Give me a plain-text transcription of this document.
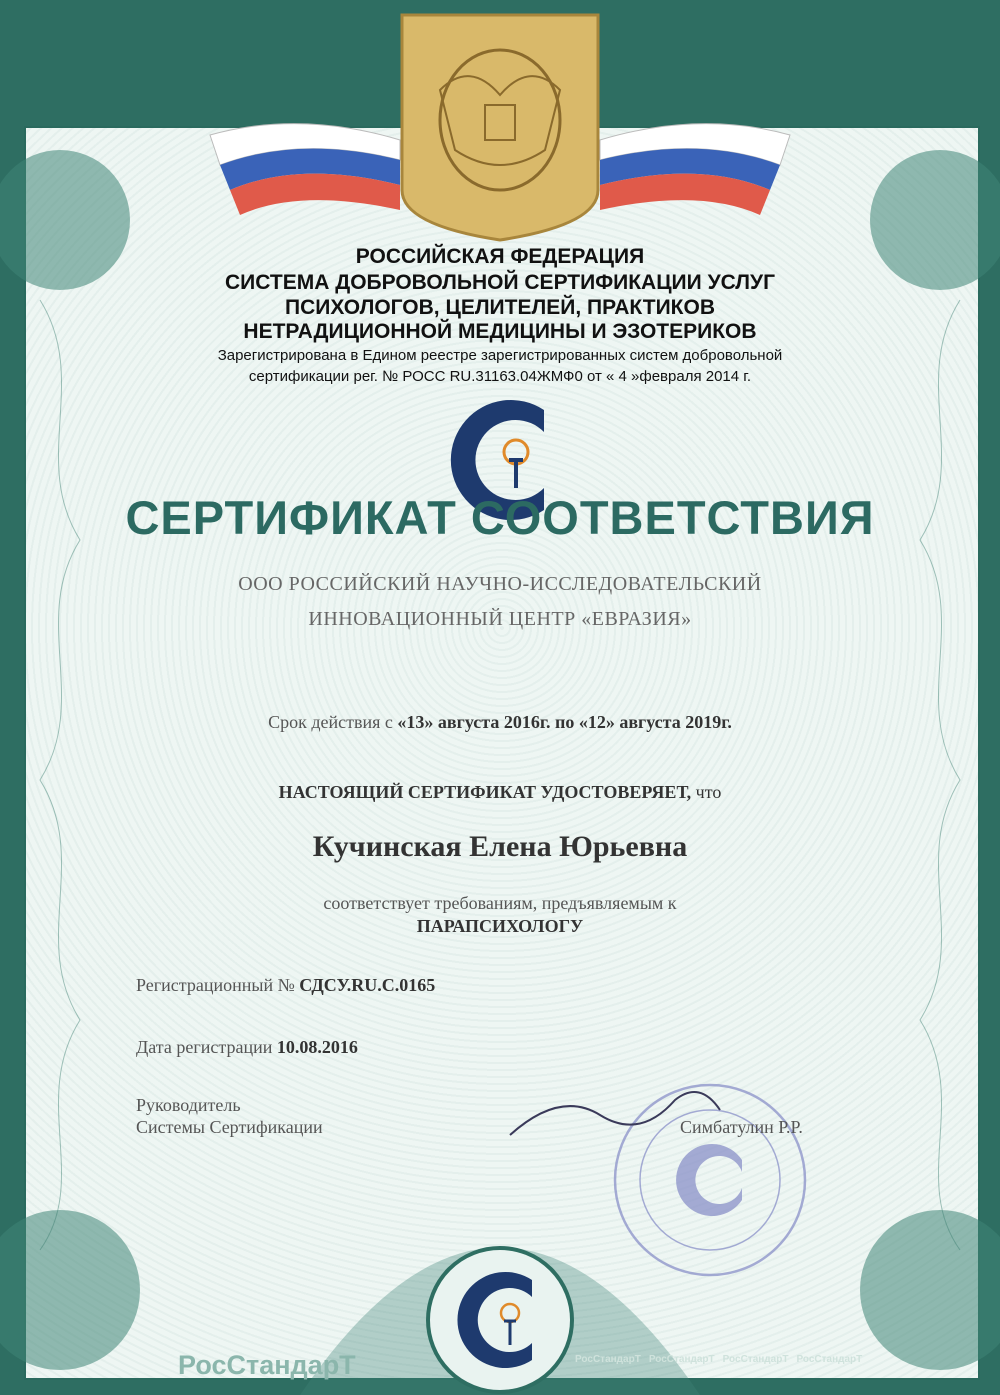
РОССИЙСКАЯ ФЕДЕРАЦИЯ
СИСТЕМА ДОБРОВОЛЬНОЙ СЕРТИФИКАЦИИ УСЛУГ
ПСИХОЛОГОВ, ЦЕЛИТЕЛЕЙ, ПРАКТИКОВ
НЕТРАДИЦИОННОЙ МЕДИЦИНЫ И ЭЗОТЕРИКОВ
Зарегистрирована в Едином реестре зарегистрированных систем добровольной
сертификации рег. № РОСС RU.31163.04ЖМФ0 от « 4 »февраля 2014 г.
СЕРТИФИКАТ СООТВЕТСТВИЯ
ООО РОССИЙСКИЙ НАУЧНО-ИССЛЕДОВАТЕЛЬСКИЙ
ИННОВАЦИОННЫЙ ЦЕНТР «ЕВРАЗИЯ»
Срок действия с «13» августа 2016г. по «12» августа 2019г.
НАСТОЯЩИЙ СЕРТИФИКАТ УДОСТОВЕРЯЕТ, что
Кучинская Елена Юрьевна
соответствует требованиям, предъявляемым к
ПАРАПСИХОЛОГУ
Регистрационный № СДСУ.RU.С.0165
Дата регистрации 10.08.2016
Руководитель
Системы Сертификации	Симбатулин Р.Р.
РосСтандарТ	РосСтандарТ РосСтандарТ РосСтандарТ РосСтандарТ
